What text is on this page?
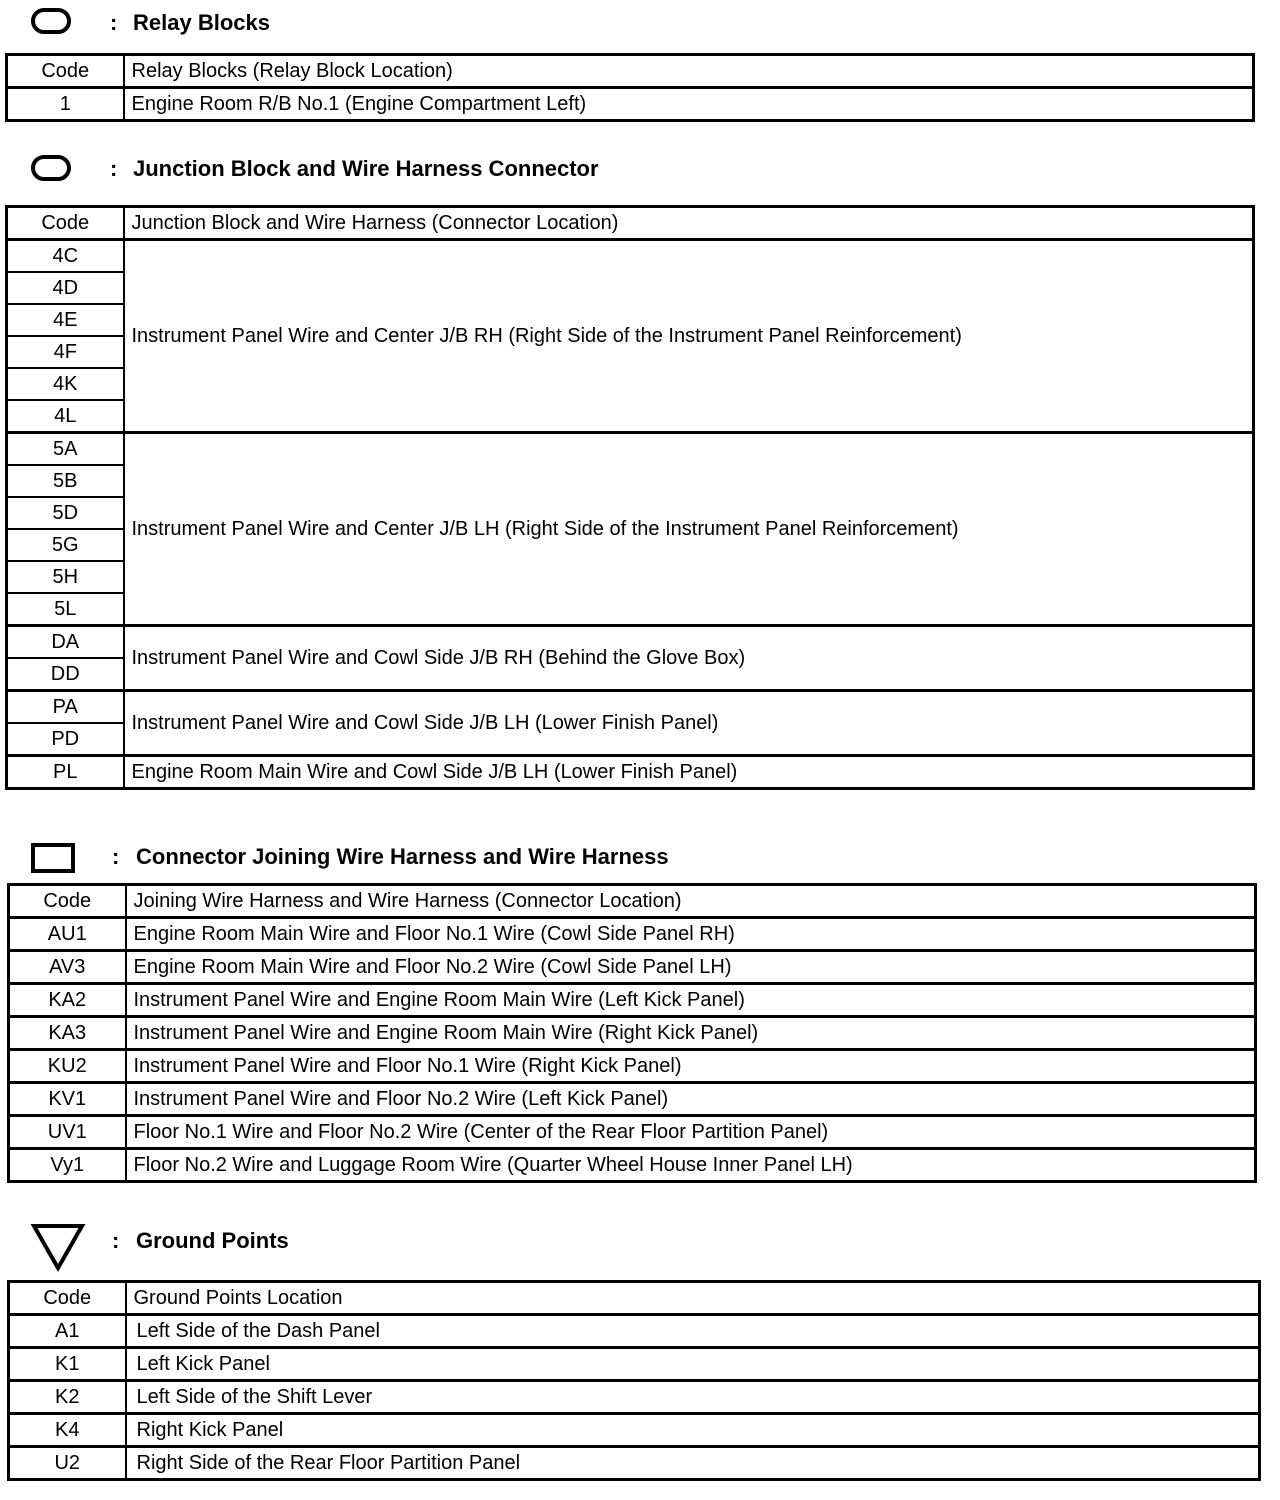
: Relay Blocks
Code	Relay Blocks (Relay Block Location)
1	Engine Room R/B No.1 (Engine Compartment Left)
: Junction Block and Wire Harness Connector
Code	Junction Block and Wire Harness (Connector Location)
4C	Instrument Panel Wire and Center J/B RH (Right Side of the Instrument Panel Reinforcement)
4D	
4E	
4F	
4K	
4L	
5A	Instrument Panel Wire and Center J/B LH (Right Side of the Instrument Panel Reinforcement)
5B	
5D	
5G	
5H	
5L	
DA	Instrument Panel Wire and Cowl Side J/B RH (Behind the Glove Box)
DD	
PA	Instrument Panel Wire and Cowl Side J/B LH (Lower Finish Panel)
PD	
PL	Engine Room Main Wire and Cowl Side J/B LH (Lower Finish Panel)
: Connector Joining Wire Harness and Wire Harness
Code	Joining Wire Harness and Wire Harness (Connector Location)
AU1	Engine Room Main Wire and Floor No.1 Wire (Cowl Side Panel RH)
AV3	Engine Room Main Wire and Floor No.2 Wire (Cowl Side Panel LH)
KA2	Instrument Panel Wire and Engine Room Main Wire (Left Kick Panel)
KA3	Instrument Panel Wire and Engine Room Main Wire (Right Kick Panel)
KU2	Instrument Panel Wire and Floor No.1 Wire (Right Kick Panel)
KV1	Instrument Panel Wire and Floor No.2 Wire (Left Kick Panel)
UV1	Floor No.1 Wire and Floor No.2 Wire (Center of the Rear Floor Partition Panel)
Vy1	Floor No.2 Wire and Luggage Room Wire (Quarter Wheel House Inner Panel LH)
: Ground Points
Code	Ground Points Location
A1	Left Side of the Dash Panel
K1	Left Kick Panel
K2	Left Side of the Shift Lever
K4	Right Kick Panel
U2	Right Side of the Rear Floor Partition Panel
